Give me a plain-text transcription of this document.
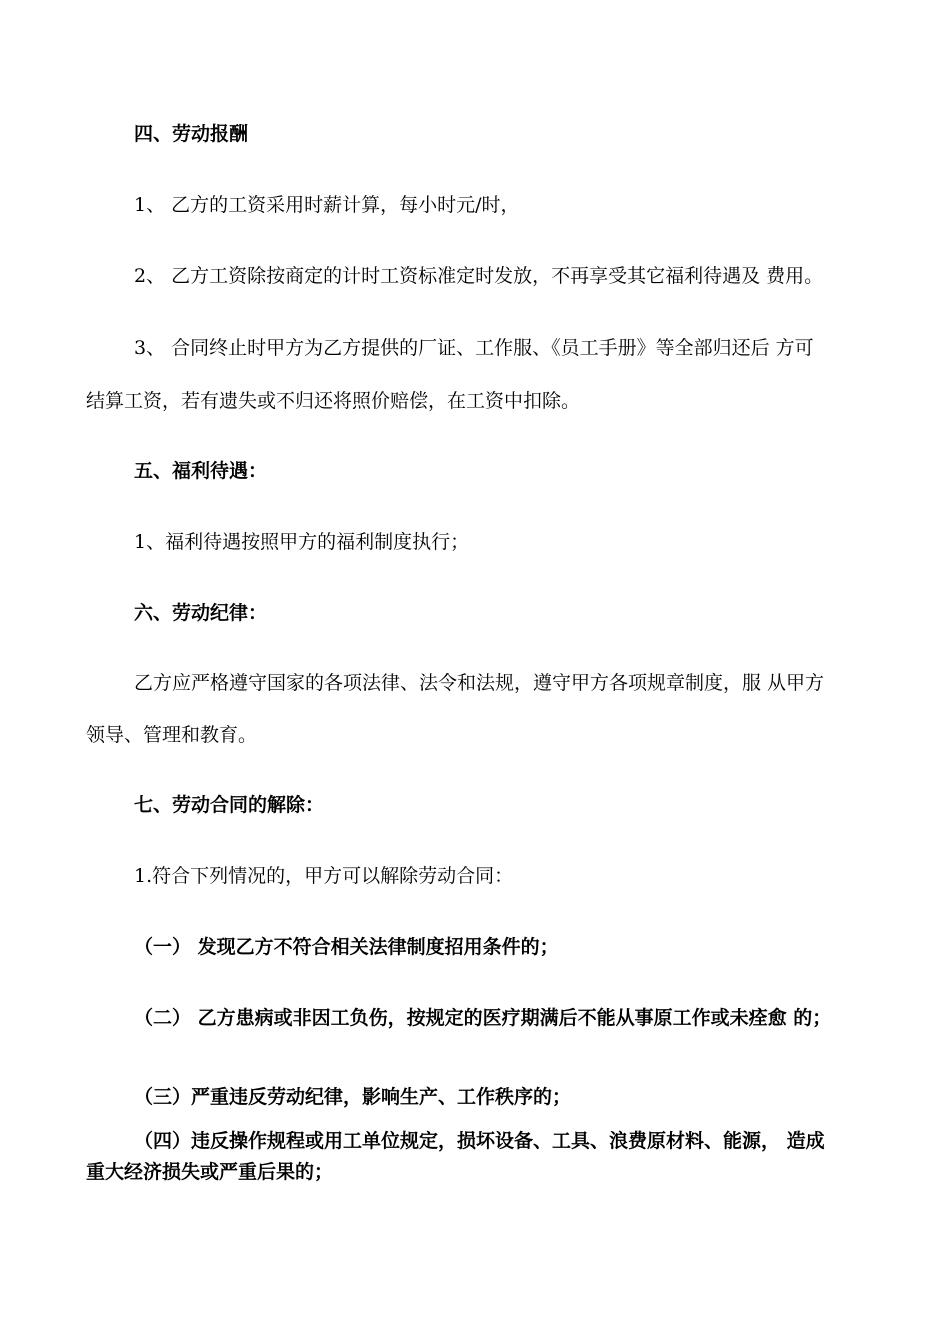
四、劳动报酬
1、 乙方的工资采用时薪计算，每小时元/时，
2、 乙方工资除按商定的计时工资标准定时发放，不再享受其它福利待遇及 费用。
3、 合同终止时甲方为乙方提供的厂证、工作服、《员工手册》等全部归还后 方可
结算工资，若有遗失或不归还将照价赔偿，在工资中扣除。
五、福利待遇：
1、福利待遇按照甲方的福利制度执行；
六、劳动纪律：
乙方应严格遵守国家的各项法律、法令和法规，遵守甲方各项规章制度，服 从甲方
领导、管理和教育。
七、劳动合同的解除：
1.符合下列情况的，甲方可以解除劳动合同：
（一） 发现乙方不符合相关法律制度招用条件的；
（二） 乙方患病或非因工负伤，按规定的医疗期满后不能从事原工作或未痊愈 的；
（三）严重违反劳动纪律，影响生产、工作秩序的；
（四）违反操作规程或用工单位规定，损坏设备、工具、浪费原材料、能源， 造成
重大经济损失或严重后果的；
